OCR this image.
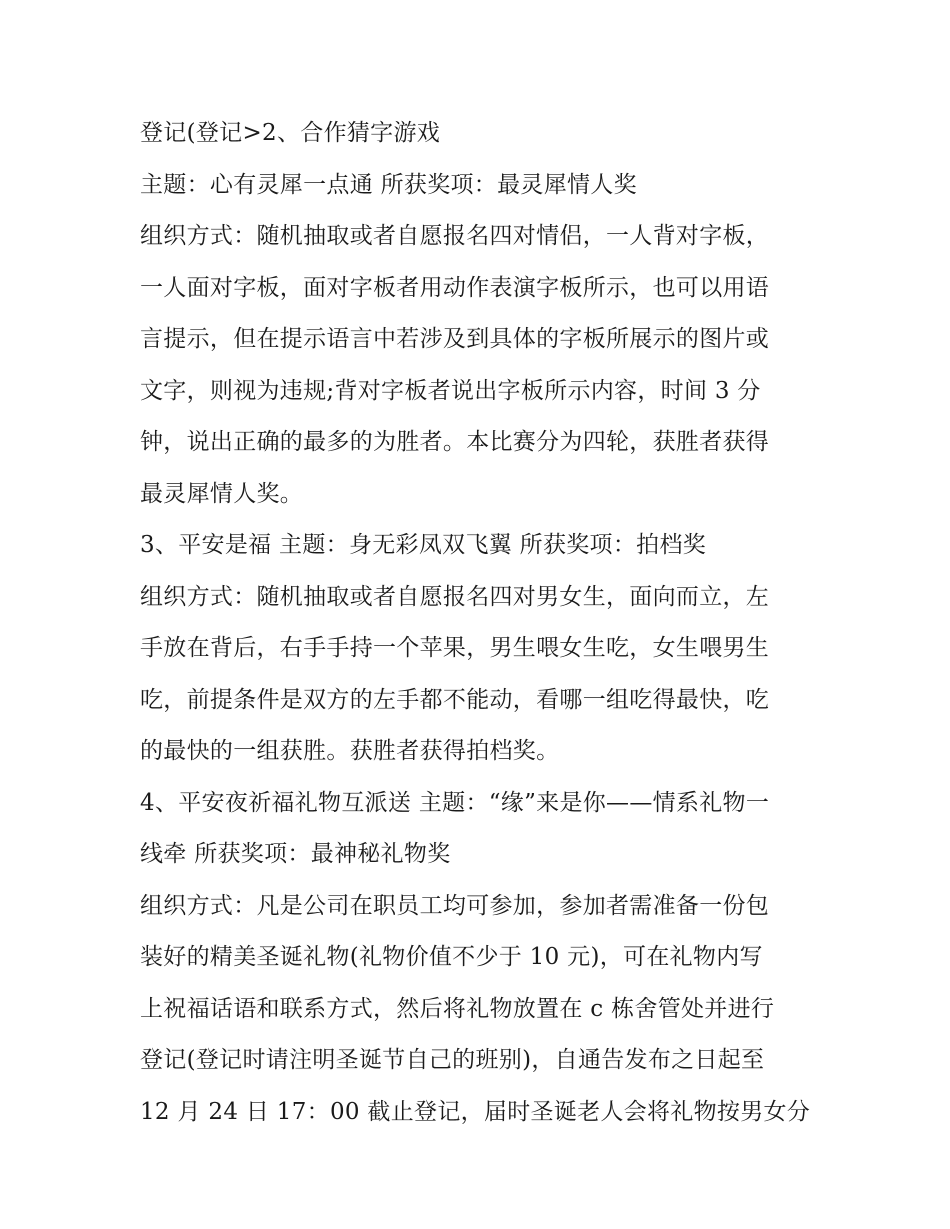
登记(登记>2、合作猜字游戏
主题：心有灵犀一点通 所获奖项：最灵犀情人奖
组织方式：随机抽取或者自愿报名四对情侣，一人背对字板，
一人面对字板，面对字板者用动作表演字板所示，也可以用语
言提示，但在提示语言中若涉及到具体的字板所展示的图片或
文字，则视为违规;背对字板者说出字板所示内容，时间 3 分
钟，说出正确的最多的为胜者。本比赛分为四轮，获胜者获得
最灵犀情人奖。
3、平安是福 主题：身无彩凤双飞翼 所获奖项：拍档奖
组织方式：随机抽取或者自愿报名四对男女生，面向而立，左
手放在背后，右手手持一个苹果，男生喂女生吃，女生喂男生
吃，前提条件是双方的左手都不能动，看哪一组吃得最快，吃
的最快的一组获胜。获胜者获得拍档奖。
4、平安夜祈福礼物互派送 主题：“缘”来是你——情系礼物一
线牵 所获奖项：最神秘礼物奖
组织方式：凡是公司在职员工均可参加，参加者需准备一份包
装好的精美圣诞礼物(礼物价值不少于 10 元)，可在礼物内写
上祝福话语和联系方式，然后将礼物放置在 c 栋舍管处并进行
登记(登记时请注明圣诞节自己的班别)，自通告发布之日起至
12 月 24 日 17：00 截止登记，届时圣诞老人会将礼物按男女分
